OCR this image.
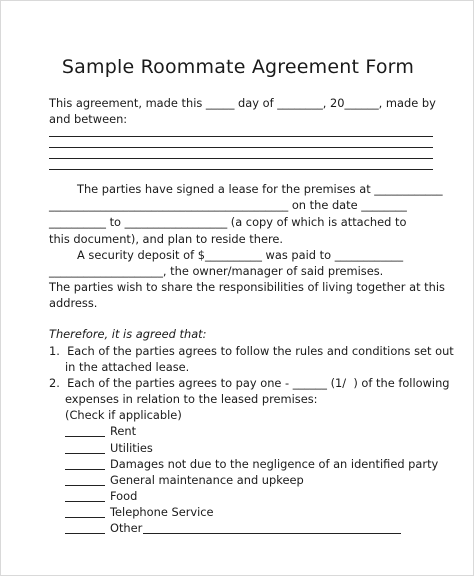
Sample Roommate Agreement Form
This agreement, made this _____ day of ________, 20______, made by
and between:
The parties have signed a lease for the premises at ____________
__________________________________________ on the date ________
__________ to __________________ (a copy of which is attached to
this document), and plan to reside there.
A security deposit of $__________ was paid to ____________
____________________, the owner/manager of said premises.
The parties wish to share the responsibilities of living together at this
address.
Therefore, it is agreed that:
1.  Each of the parties agrees to follow the rules and conditions set out
in the attached lease.
2.  Each of the parties agrees to pay one - ______ (1/  ) of the following
expenses in relation to the leased premises:
(Check if applicable)
Rent
Utilities
Damages not due to the negligence of an identified party
General maintenance and upkeep
Food
Telephone Service
Other
